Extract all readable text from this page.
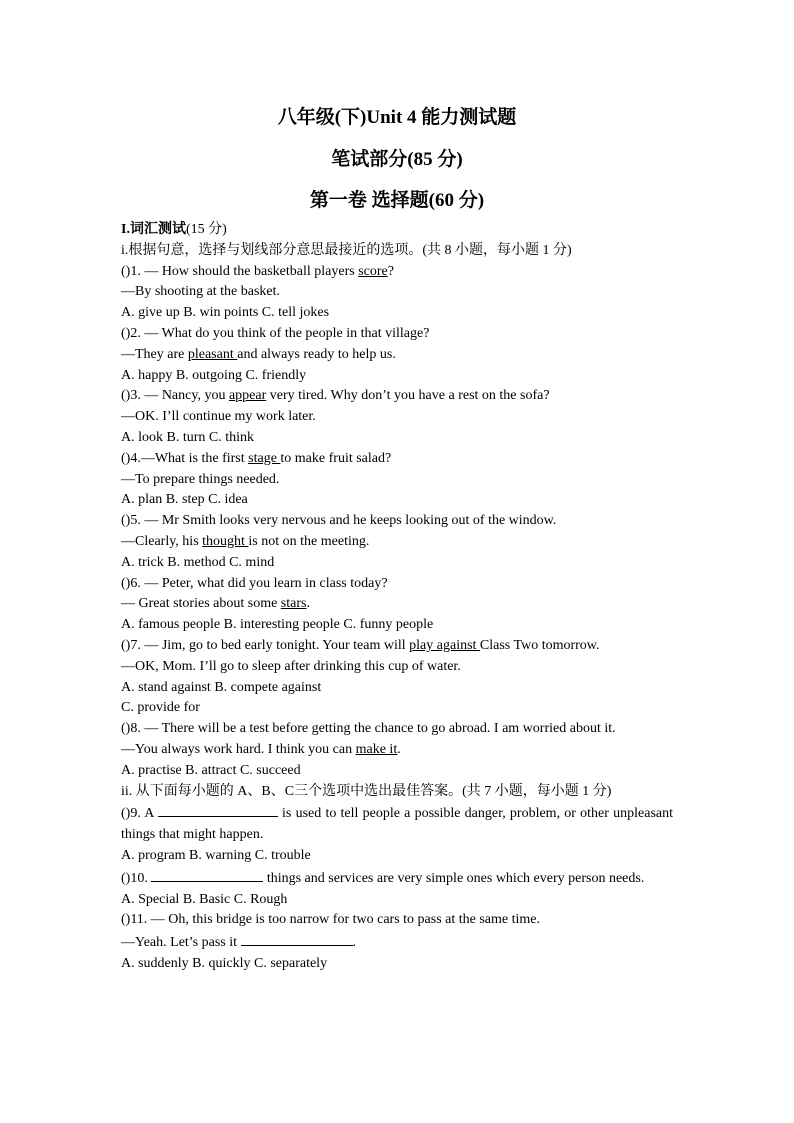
八年级(下)Unit 4 能力测试题
笔试部分(85 分)
第一卷 选择题(60 分)
I.词汇测试(15 分)
i.根据句意，选择与划线部分意思最接近的选项。(共 8 小题，每小题 1 分)
()1. — How should the basketball players score?
—By shooting at the basket.
A. give up B. win points C. tell jokes
()2. — What do you think of the people in that village?
—They are pleasant and always ready to help us.
A. happy B. outgoing C. friendly
()3. — Nancy, you appear very tired. Why don’t you have a rest on the sofa?
—OK. I’ll continue my work later.
A. look B. turn C. think
()4.—What is the first stage to make fruit salad?
—To prepare things needed.
A. plan B. step C. idea
()5. — Mr Smith looks very nervous and he keeps looking out of the window.
—Clearly, his thought is not on the meeting.
A. trick B. method C. mind
()6. — Peter, what did you learn in class today?
— Great stories about some stars.
A. famous people B. interesting people C. funny people
()7. — Jim, go to bed early tonight. Your team will play against Class Two tomorrow.
—OK, Mom. I’ll go to sleep after drinking this cup of water.
A. stand against B. compete against
C. provide for
()8. — There will be a test before getting the chance to go abroad. I am worried about it.
—You always work hard. I think you can make it.
A. practise B. attract C. succeed
ii. 从下面每小题的 A、B、C三个选项中选出最佳答案。(共 7 小题，每小题 1 分)
()9. A	is used to tell people a possible danger, problem, or other unpleasant things that might happen.
A. program B. warning C. trouble
()10.	things and services are very simple ones which every person needs.
A. Special B. Basic C. Rough
()11. — Oh, this bridge is too narrow for two cars to pass at the same time.
—Yeah. Let’s pass it	.
A. suddenly B. quickly C. separately
